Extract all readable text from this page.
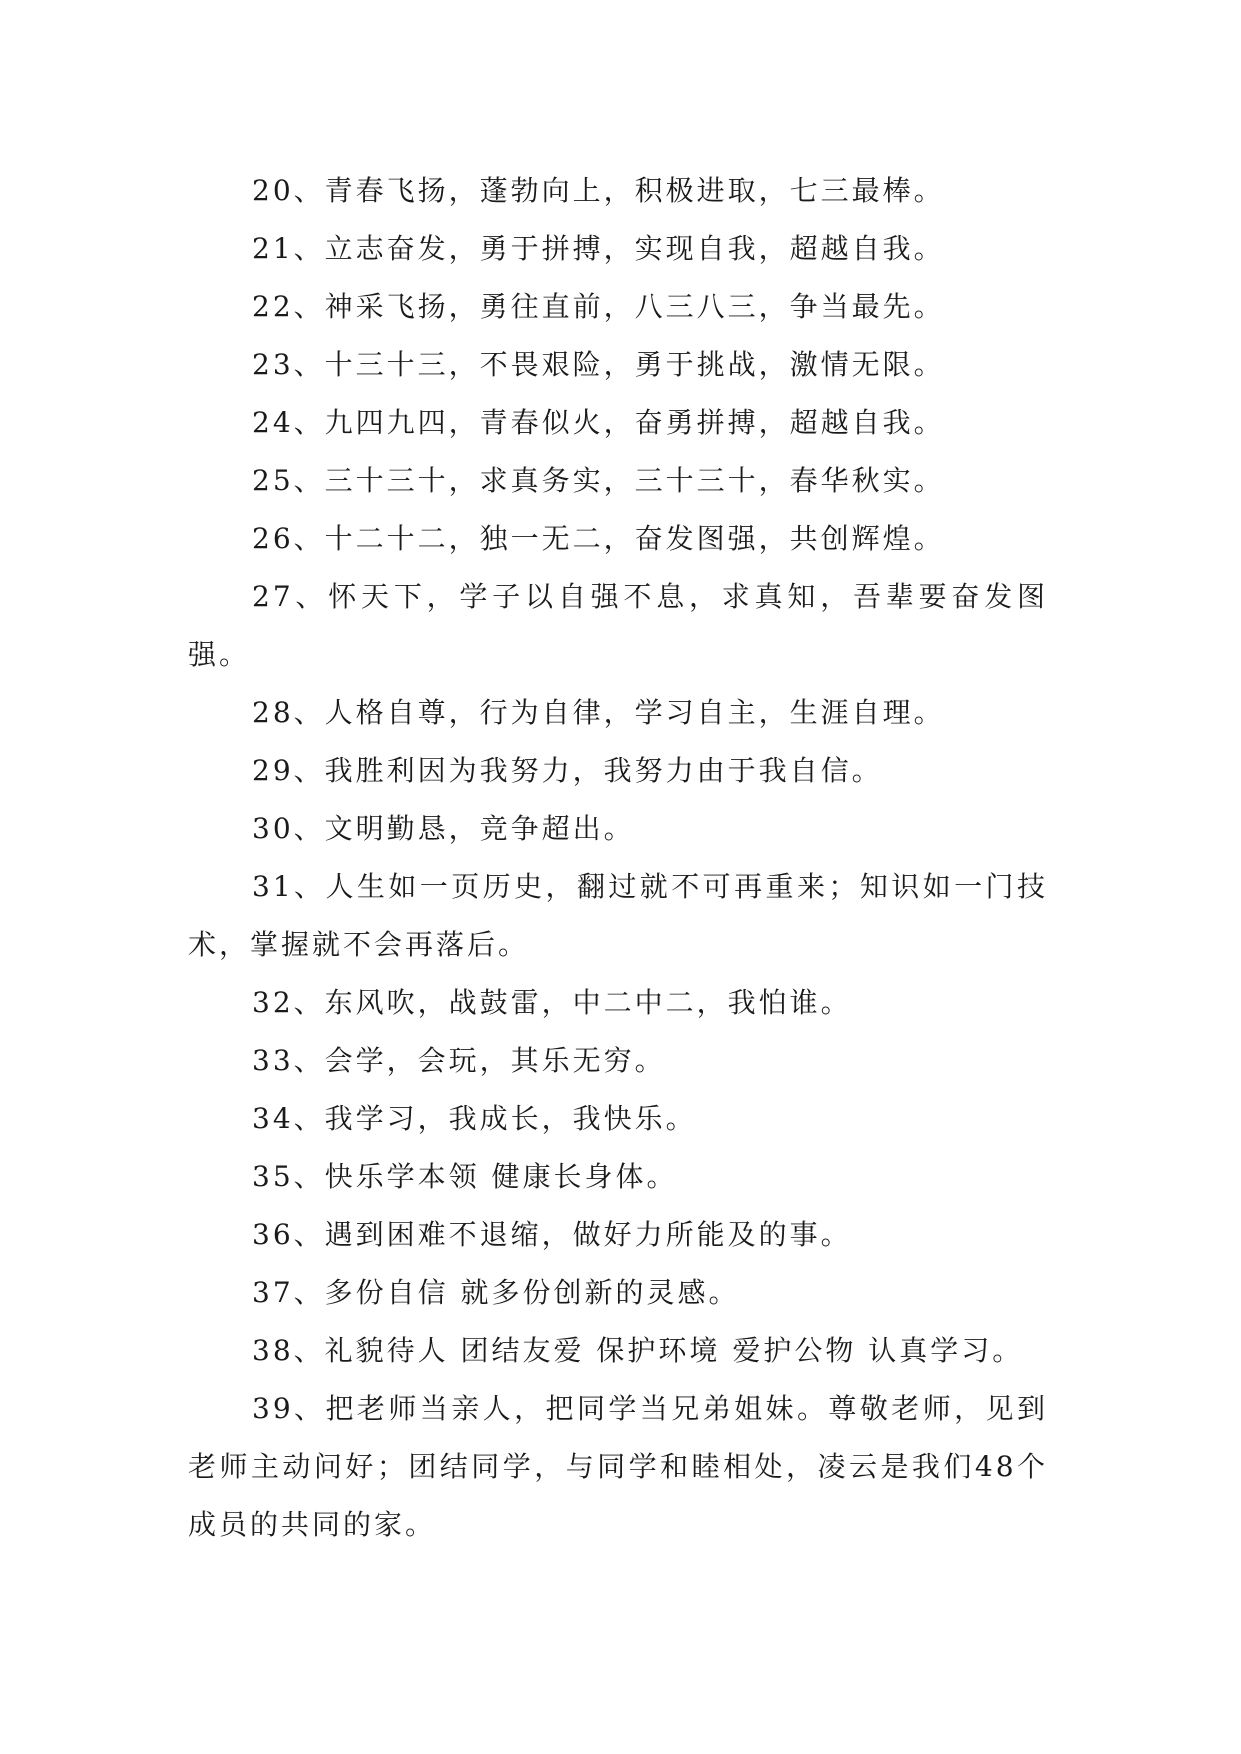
20、青春飞扬，蓬勃向上，积极进取，七三最棒。

21、立志奋发，勇于拼搏，实现自我，超越自我。

22、神采飞扬，勇往直前，八三八三，争当最先。

23、十三十三，不畏艰险，勇于挑战，激情无限。

24、九四九四，青春似火，奋勇拼搏，超越自我。

25、三十三十，求真务实，三十三十，春华秋实。

26、十二十二，独一无二，奋发图强，共创辉煌。

27、怀天下，学子以自强不息，求真知，吾辈要奋发图强。

28、人格自尊，行为自律，学习自主，生涯自理。

29、我胜利因为我努力，我努力由于我自信。

30、文明勤恳，竞争超出。

31、人生如一页历史，翻过就不可再重来；知识如一门技术，掌握就不会再落后。

32、东风吹，战鼓雷，中二中二，我怕谁。

33、会学，会玩，其乐无穷。

34、我学习，我成长，我快乐。

35、快乐学本领 健康长身体。

36、遇到困难不退缩，做好力所能及的事。

37、多份自信 就多份创新的灵感。

38、礼貌待人 团结友爱 保护环境 爱护公物 认真学习。

39、把老师当亲人，把同学当兄弟姐妹。尊敬老师，见到老师主动问好；团结同学，与同学和睦相处，凌云是我们48个成员的共同的家。
